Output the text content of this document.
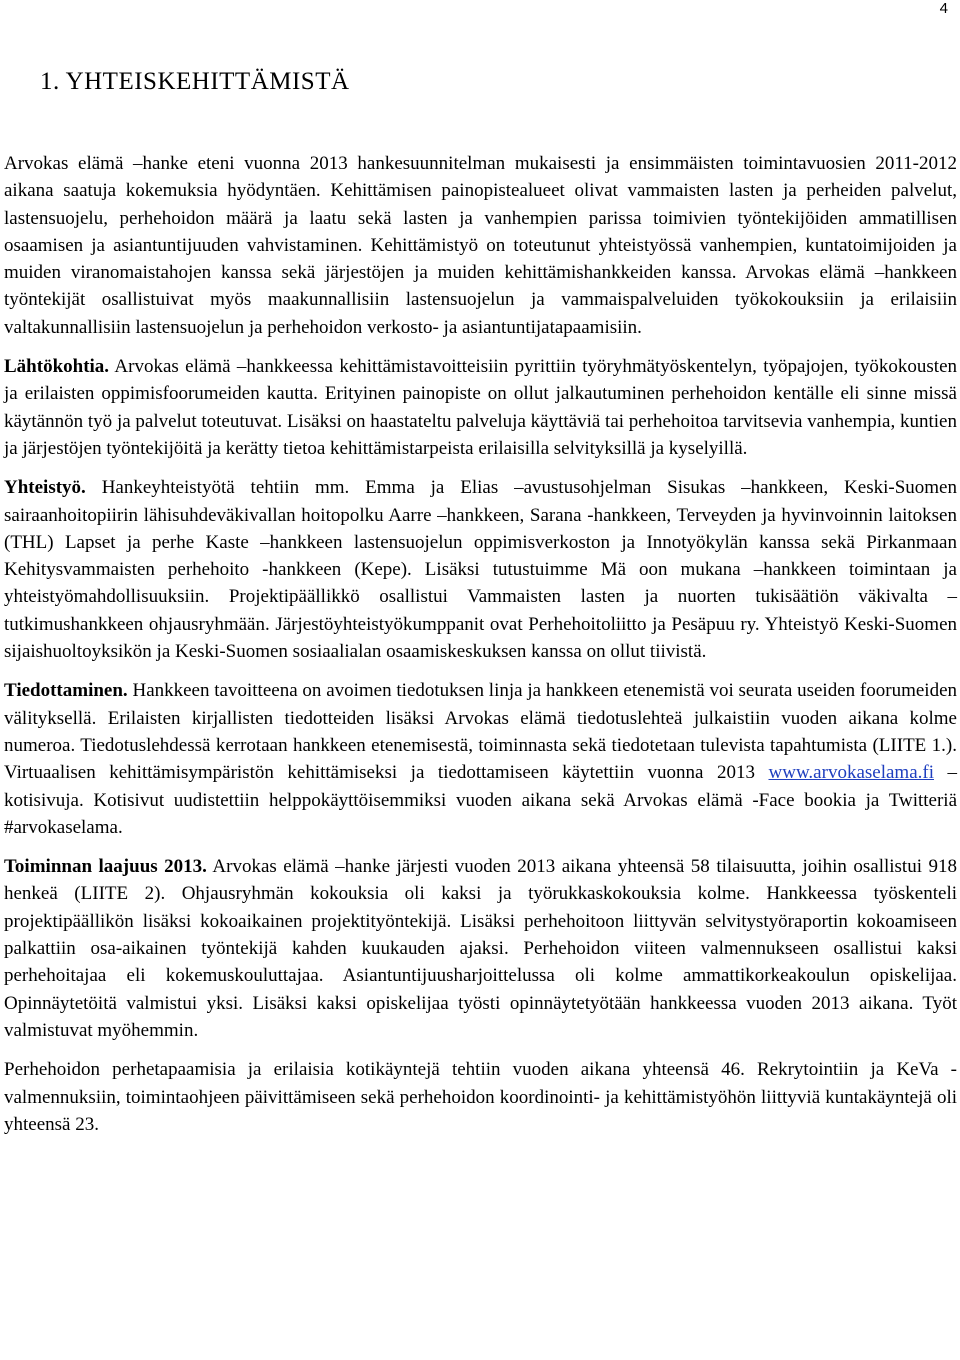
4
1. YHTEISKEHITTÄMISTÄ

Arvokas elämä –hanke eteni vuonna 2013 hankesuunnitelman mukaisesti ja ensimmäisten toimintavuosien 2011-2012 aikana saatuja kokemuksia hyödyntäen. Kehittämisen painopistealueet olivat vammaisten lasten ja perheiden palvelut, lastensuojelu, perhehoidon määrä ja laatu sekä lasten ja vanhempien parissa toimivien työntekijöiden ammatillisen osaamisen ja asiantuntijuuden vahvistaminen. Kehittämistyö on toteutunut yhteistyössä vanhempien, kuntatoimijoiden ja muiden viranomaistahojen kanssa sekä järjestöjen ja muiden kehittämishankkeiden kanssa. Arvokas elämä –hankkeen työntekijät osallistuivat myös maakunnallisiin lastensuojelun ja vammaispalveluiden työkokouksiin ja erilaisiin valtakunnallisiin lastensuojelun ja perhehoidon verkosto- ja asiantuntijatapaamisiin.

Lähtökohtia. Arvokas elämä –hankkeessa kehittämistavoitteisiin pyrittiin työryhmätyöskentelyn, työpajojen, työkokousten ja erilaisten oppimisfoorumeiden kautta. Erityinen painopiste on ollut jalkautuminen perhehoidon kentälle eli sinne missä käytännön työ ja palvelut toteutuvat. Lisäksi on haastateltu palveluja käyttäviä tai perhehoitoa tarvitsevia vanhempia, kuntien ja järjestöjen työntekijöitä ja kerätty tietoa kehittämistarpeista erilaisilla selvityksillä ja kyselyillä.

Yhteistyö. Hankeyhteistyötä tehtiin mm. Emma ja Elias –avustusohjelman Sisukas –hankkeen, Keski-Suomen sairaanhoitopiirin lähisuhdeväkivallan hoitopolku Aarre –hankkeen, Sarana -hankkeen, Terveyden ja hyvinvoinnin laitoksen (THL) Lapset ja perhe Kaste –hankkeen lastensuojelun oppimisverkoston ja Innotyökylän kanssa sekä Pirkanmaan Kehitysvammaisten perhehoito -hankkeen (Kepe). Lisäksi tutustuimme Mä oon mukana –hankkeen toimintaan ja yhteistyömahdollisuuksiin. Projektipäällikkö osallistui Vammaisten lasten ja nuorten tukisäätiön väkivalta –tutkimushankkeen ohjausryhmään. Järjestöyhteistyökumppanit ovat Perhehoitoliitto ja Pesäpuu ry. Yhteistyö Keski-Suomen sijaishuoltoyksikön ja Keski-Suomen sosiaalialan osaamiskeskuksen kanssa on ollut tiivistä.

Tiedottaminen. Hankkeen tavoitteena on avoimen tiedotuksen linja ja hankkeen etenemistä voi seurata useiden foorumeiden välityksellä. Erilaisten kirjallisten tiedotteiden lisäksi Arvokas elämä tiedotuslehteä julkaistiin vuoden aikana kolme numeroa. Tiedotuslehdessä kerrotaan hankkeen etenemisestä, toiminnasta sekä tiedotetaan tulevista tapahtumista (LIITE 1.). Virtuaalisen kehittämisympäristön kehittämiseksi ja tiedottamiseen käytettiin vuonna 2013 www.arvokaselama.fi –kotisivuja. Kotisivut uudistettiin helppokäyttöisemmiksi vuoden aikana sekä Arvokas elämä -Face bookia ja Twitteriä #arvokaselama.

Toiminnan laajuus 2013. Arvokas elämä –hanke järjesti vuoden 2013 aikana yhteensä 58 tilaisuutta, joihin osallistui 918 henkeä (LIITE 2). Ohjausryhmän kokouksia oli kaksi ja työrukkaskokouksia kolme. Hankkeessa työskenteli projektipäällikön lisäksi kokoaikainen projektityöntekijä. Lisäksi perhehoitoon liittyvän selvitystyöraportin kokoamiseen palkattiin osa-aikainen työntekijä kahden kuukauden ajaksi. Perhehoidon viiteen valmennukseen osallistui kaksi perhehoitajaa eli kokemuskouluttajaa. Asiantuntijuusharjoittelussa oli kolme ammattikorkeakoulun opiskelijaa. Opinnäytetöitä valmistui yksi. Lisäksi kaksi opiskelijaa työsti opinnäytetyötään hankkeessa vuoden 2013 aikana. Työt valmistuvat myöhemmin.

Perhehoidon perhetapaamisia ja erilaisia kotikäyntejä tehtiin vuoden aikana yhteensä 46. Rekrytointiin ja KeVa -valmennuksiin, toimintaohjeen päivittämiseen sekä perhehoidon koordinointi- ja kehittämistyöhön liittyviä kuntakäyntejä oli yhteensä 23.
